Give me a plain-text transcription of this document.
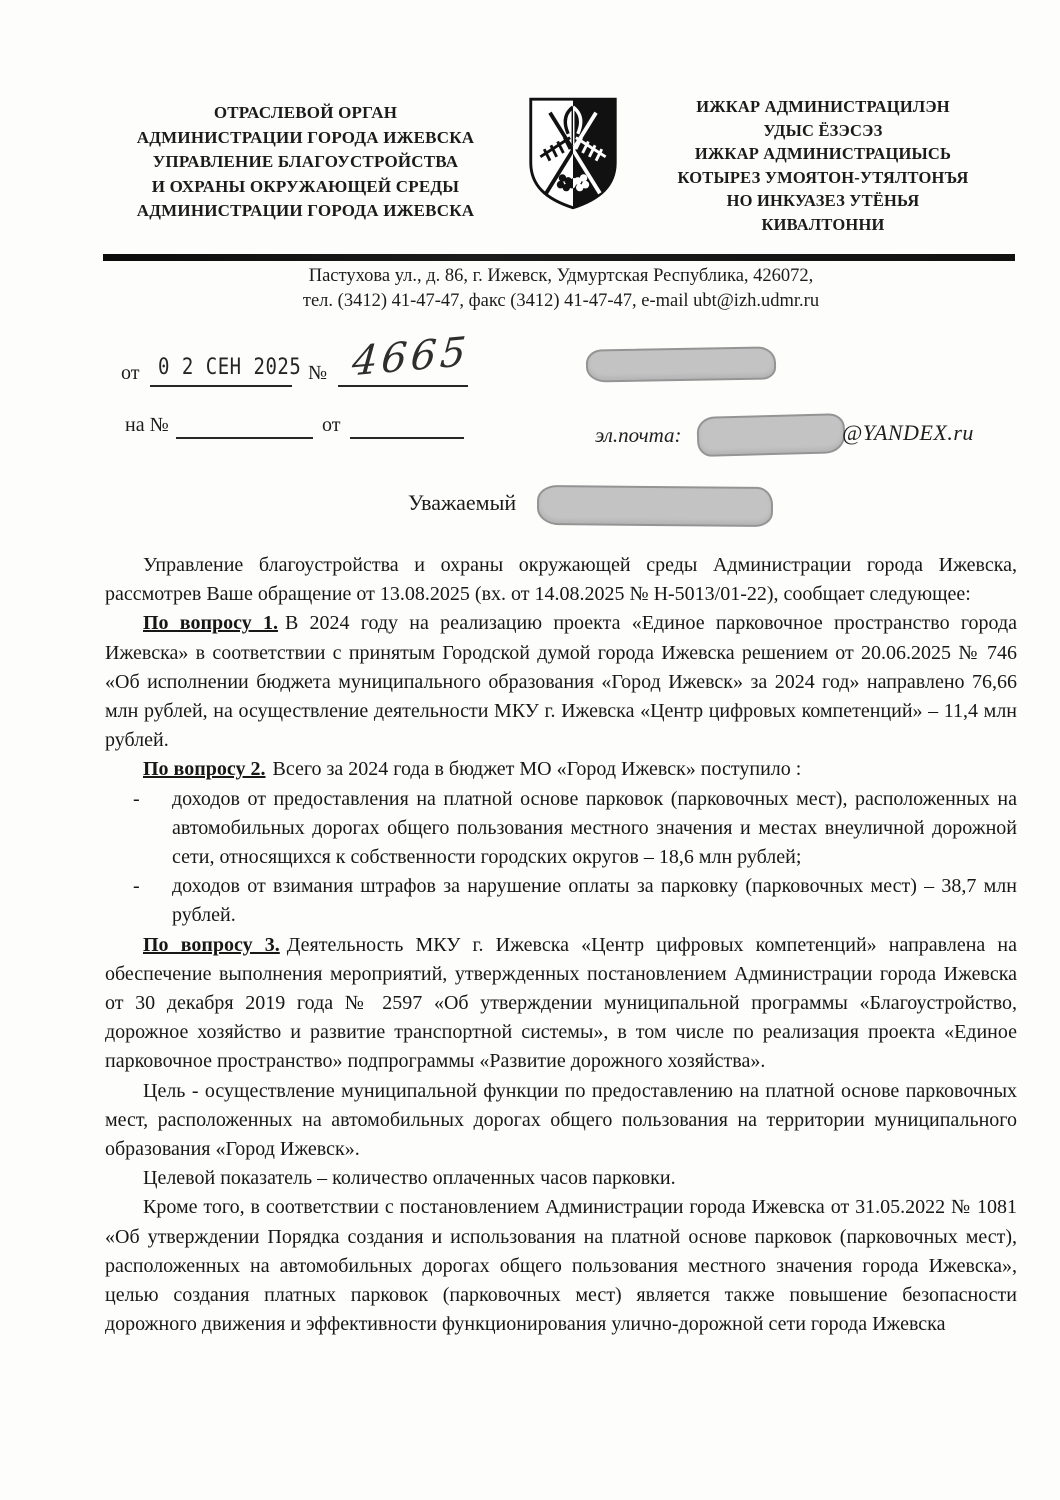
ОТРАСЛЕВОЙ ОРГАН
АДМИНИСТРАЦИИ ГОРОДА ИЖЕВСКА
УПРАВЛЕНИЕ БЛАГОУСТРОЙСТВА
И ОХРАНЫ ОКРУЖАЮЩЕЙ СРЕДЫ
АДМИНИСТРАЦИИ ГОРОДА ИЖЕВСКА
ИЖКАР АДМИНИСТРАЦИЛЭН
УДЫС ЁЗЭСЭЗ
ИЖКАР АДМИНИСТРАЦИЫСЬ
КОТЫРЕЗ УМОЯТОН-УТЯЛТОНЪЯ
НО ИНКУАЗЕЗ УТЁНЬЯ
КИВАЛТОННИ
Пастухова ул., д. 86, г. Ижевск, Удмуртская Республика, 426072,
тел. (3412) 41-47-47, факс (3412) 41-47-47, e-mail ubt@izh.udmr.ru
от 0 2 СЕН 2025 № 4665
на №	от	эл.почта:	@YANDEX.ru
Уважаемый

Управление благоустройства и охраны окружающей среды Администрации города Ижевска, рассмотрев Ваше обращение от 13.08.2025 (вх. от 14.08.2025 № Н-5013/01-22), сообщает следующее:

По вопросу 1. В 2024 году на реализацию проекта «Единое парковочное пространство города Ижевска» в соответствии с принятым Городской думой города Ижевска решением от 20.06.2025 № 746 «Об исполнении бюджета муниципального образования «Город Ижевск» за 2024 год» направлено 76,66 млн рублей, на осуществление деятельности МКУ г. Ижевска «Центр цифровых компетенций» – 11,4 млн рублей.

По вопросу 2. Всего за 2024 года в бюджет МО «Город Ижевск» поступило :

- доходов от предоставления на платной основе парковок (парковочных мест), расположенных на автомобильных дорогах общего пользования местного значения и местах внеуличной дорожной сети, относящихся к собственности городских округов – 18,6 млн рублей;
- доходов от взимания штрафов за нарушение оплаты за парковку (парковочных мест) – 38,7 млн рублей.

По вопросу 3. Деятельность МКУ г. Ижевска «Центр цифровых компетенций» направлена на обеспечение выполнения мероприятий, утвержденных постановлением Администрации города Ижевска от 30 декабря 2019 года № 2597 «Об утверждении муниципальной программы «Благоустройство, дорожное хозяйство и развитие транспортной системы», в том числе по реализация проекта «Единое парковочное пространство» подпрограммы «Развитие дорожного хозяйства».

Цель - осуществление муниципальной функции по предоставлению на платной основе парковочных мест, расположенных на автомобильных дорогах общего пользования на территории муниципального образования «Город Ижевск».

Целевой показатель – количество оплаченных часов парковки.

Кроме того, в соответствии с постановлением Администрации города Ижевска от 31.05.2022 № 1081 «Об утверждении Порядка создания и использования на платной основе парковок (парковочных мест), расположенных на автомобильных дорогах общего пользования местного значения города Ижевска», целью создания платных парковок (парковочных мест) является также повышение безопасности дорожного движения и эффективности функционирования улично-дорожной сети города Ижевска
